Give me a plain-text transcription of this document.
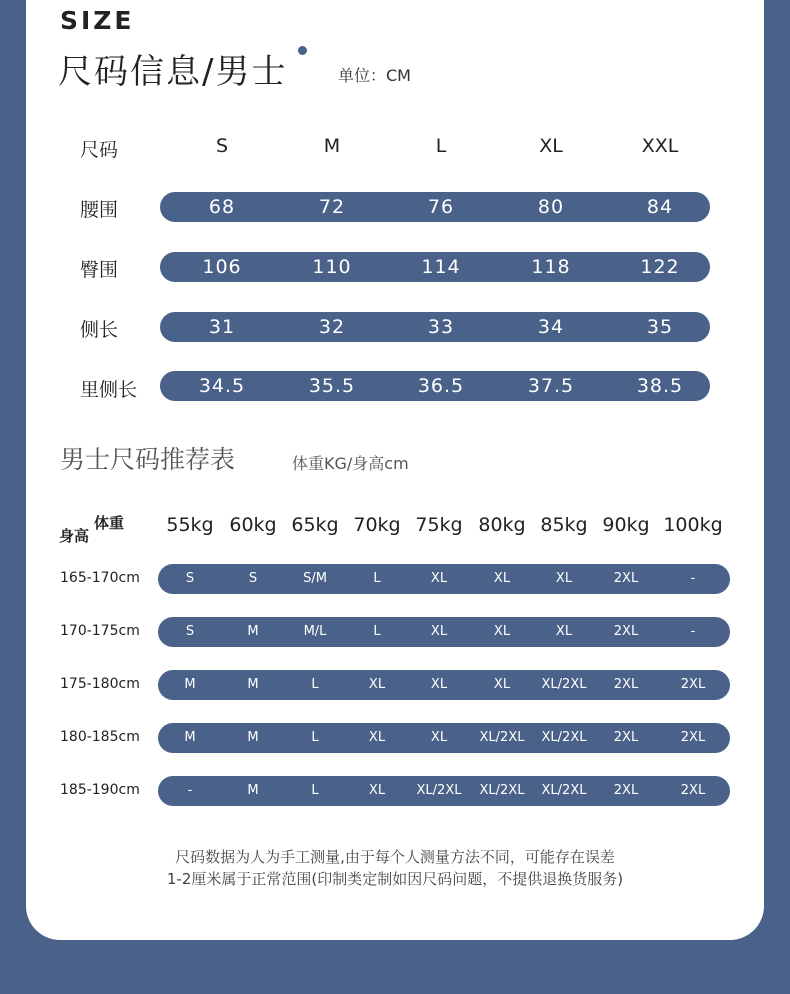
SIZE
尺码信息/男士	单位：CM
尺码	S	M	L	XL	XXL
腰围	68	72	76	80	84
臀围	106	110	114	118	122
侧长	31	32	33	34	35
里侧长	34.5	35.5	36.5	37.5	38.5
男士尺码推荐表	体重KG/身高cm
体重
身高	55kg 60kg 65kg 70kg 75kg 80kg 85kg 90kg 100kg
165-170cm	S	S	S/M	L	XL	XL	XL	2XL	-
170-175cm	S	M	M/L	L	XL	XL	XL	2XL	-
175-180cm	M	M	L	XL	XL	XL	XL/2XL	2XL	2XL
180-185cm	M	M	L	XL	XL	XL/2XL	XL/2XL	2XL	2XL
185-190cm	-	M	L	XL	XL/2XL	XL/2XL	XL/2XL	2XL	2XL
尺码数据为人为手工测量,由于每个人测量方法不同，可能存在误差
1-2厘米属于正常范围(印制类定制如因尺码问题，不提供退换货服务)
